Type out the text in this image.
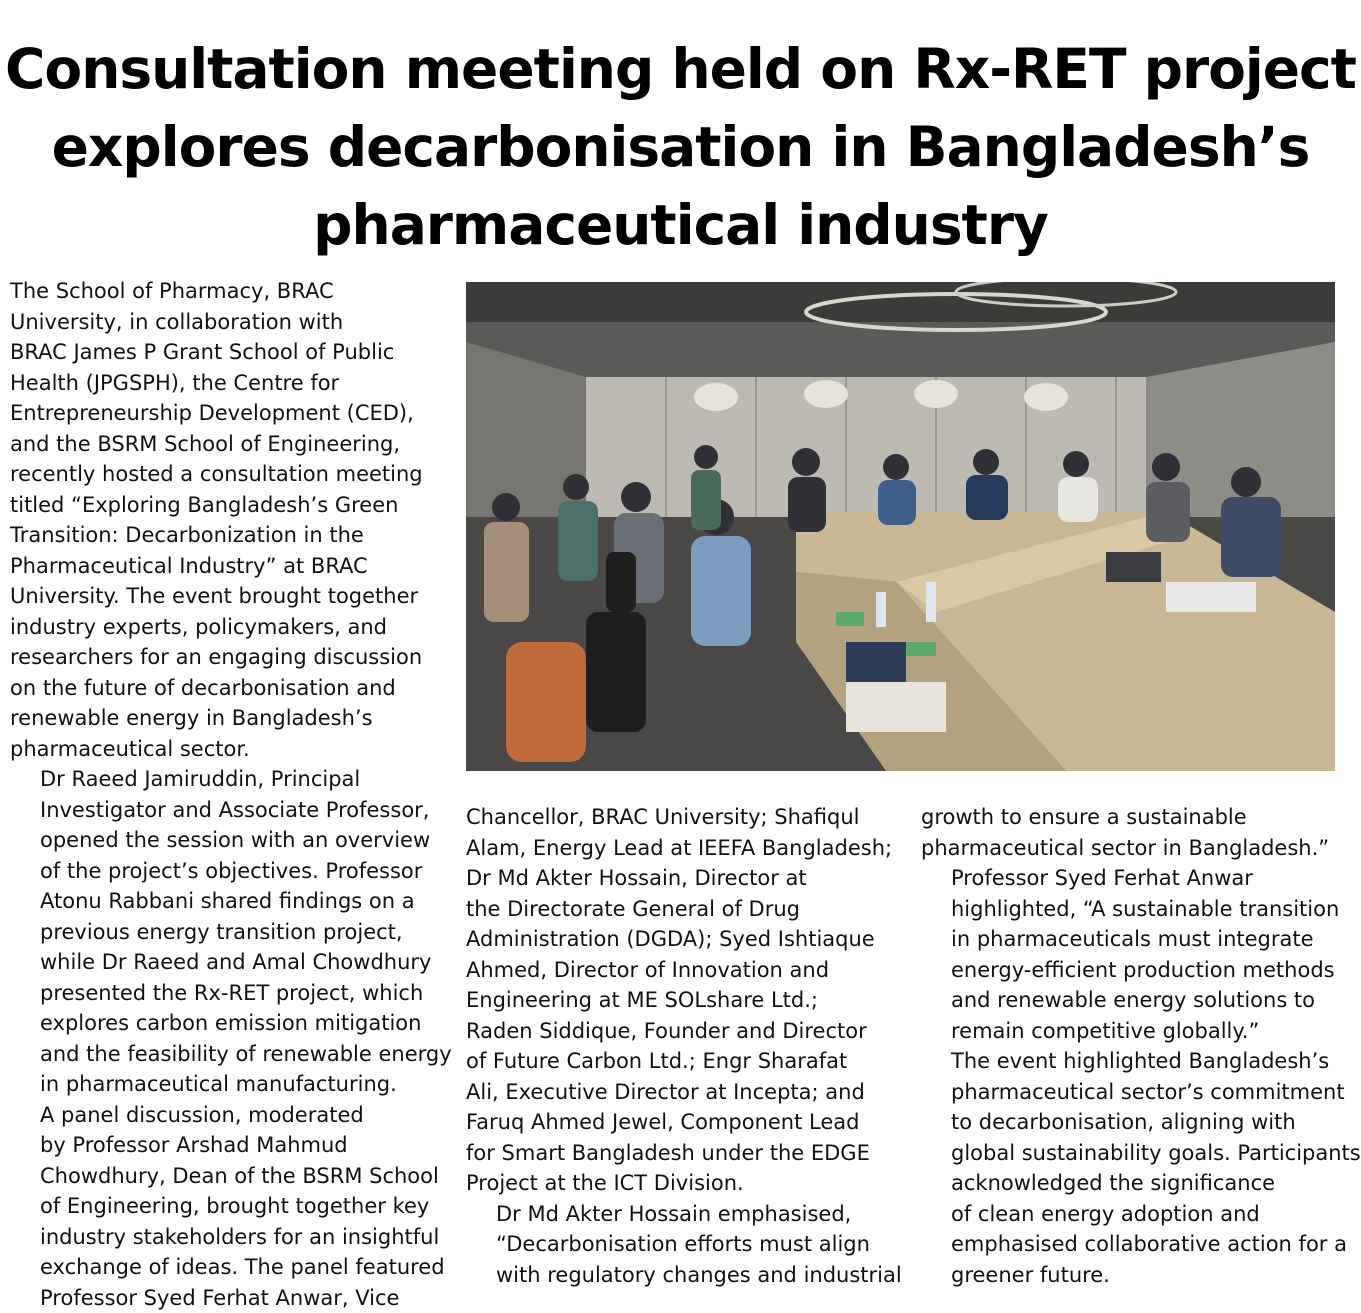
Consultation meeting held on Rx-RET project
explores decarbonisation in Bangladesh’s
pharmaceutical industry

The School of Pharmacy, BRAC
University, in collaboration with
BRAC James P Grant School of Public
Health (JPGSPH), the Centre for
Entrepreneurship Development (CED),
and the BSRM School of Engineering,
recently hosted a consultation meeting
titled “Exploring Bangladesh’s Green
Transition: Decarbonization in the
Pharmaceutical Industry” at BRAC
University. The event brought together
industry experts, policymakers, and
researchers for an engaging discussion
on the future of decarbonisation and
renewable energy in Bangladesh’s
pharmaceutical sector.

Dr Raeed Jamiruddin, Principal
Investigator and Associate Professor,
opened the session with an overview
of the project’s objectives. Professor
Atonu Rabbani shared findings on a
previous energy transition project,
while Dr Raeed and Amal Chowdhury
presented the Rx-RET project, which
explores carbon emission mitigation
and the feasibility of renewable energy
in pharmaceutical manufacturing.

A panel discussion, moderated
by Professor Arshad Mahmud
Chowdhury, Dean of the BSRM School
of Engineering, brought together key
industry stakeholders for an insightful
exchange of ideas. The panel featured
Professor Syed Ferhat Anwar, Vice

Chancellor, BRAC University; Shafiqul
Alam, Energy Lead at IEEFA Bangladesh;
Dr Md Akter Hossain, Director at
the Directorate General of Drug
Administration (DGDA); Syed Ishtiaque
Ahmed, Director of Innovation and
Engineering at ME SOLshare Ltd.;
Raden Siddique, Founder and Director
of Future Carbon Ltd.; Engr Sharafat
Ali, Executive Director at Incepta; and
Faruq Ahmed Jewel, Component Lead
for Smart Bangladesh under the EDGE
Project at the ICT Division.

Dr Md Akter Hossain emphasised,
“Decarbonisation efforts must align
with regulatory changes and industrial

growth to ensure a sustainable
pharmaceutical sector in Bangladesh.”

Professor Syed Ferhat Anwar
highlighted, “A sustainable transition
in pharmaceuticals must integrate
energy-efficient production methods
and renewable energy solutions to
remain competitive globally.”

The event highlighted Bangladesh’s
pharmaceutical sector’s commitment
to decarbonisation, aligning with
global sustainability goals. Participants
acknowledged the significance
of clean energy adoption and
emphasised collaborative action for a
greener future.
